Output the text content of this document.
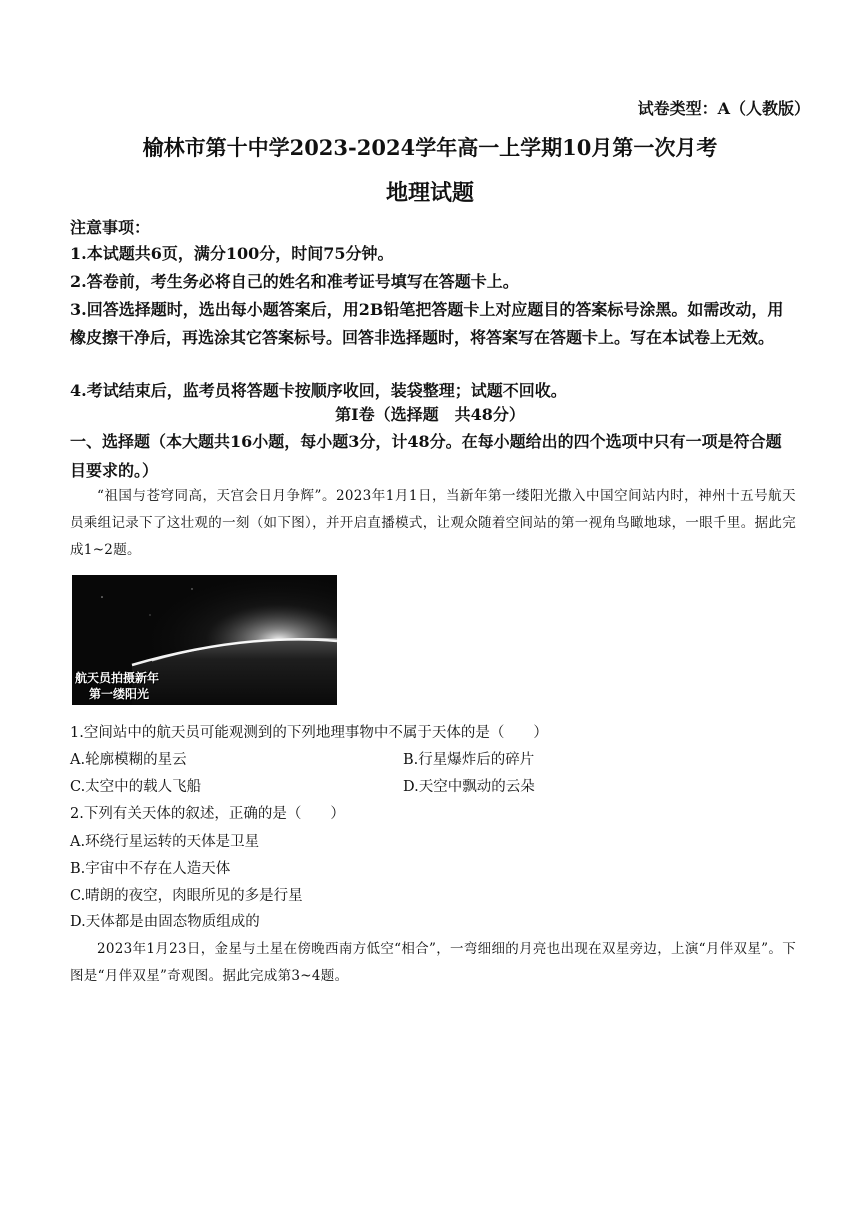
试卷类型：A（人教版）
榆林市第十中学2023-2024学年高一上学期10月第一次月考
地理试题
注意事项：
1.本试题共6页，满分100分，时间75分钟。
2.答卷前，考生务必将自己的姓名和准考证号填写在答题卡上。
3.回答选择题时，选出每小题答案后，用2B铅笔把答题卡上对应题目的答案标号涂黑。如需改动，用橡皮擦干净后，再选涂其它答案标号。回答非选择题时，将答案写在答题卡上。写在本试卷上无效。
4.考试结束后，监考员将答题卡按顺序收回，装袋整理；试题不回收。
第Ⅰ卷（选择题　共48分）
一、选择题（本大题共16小题，每小题3分，计48分。在每小题给出的四个选项中只有一项是符合题目要求的。）
“祖国与苍穹同高，天宫会日月争辉”。2023年1月1日，当新年第一缕阳光撒入中国空间站内时，神州十五号航天员乘组记录下了这壮观的一刻（如下图），并开启直播模式，让观众随着空间站的第一视角鸟瞰地球，一眼千里。据此完成1~2题。
航天员拍摄新年
第一缕阳光
1.空间站中的航天员可能观测到的下列地理事物中不属于天体的是（　　）
A.轮廓模糊的星云	B.行星爆炸后的碎片
C.太空中的载人飞船	D.天空中飘动的云朵
2.下列有关天体的叙述，正确的是（　　）
A.环绕行星运转的天体是卫星
B.宇宙中不存在人造天体
C.晴朗的夜空，肉眼所见的多是行星
D.天体都是由固态物质组成的
2023年1月23日，金星与土星在傍晚西南方低空“相合”，一弯细细的月亮也出现在双星旁边，上演“月伴双星”。下图是“月伴双星”奇观图。据此完成第3~4题。
